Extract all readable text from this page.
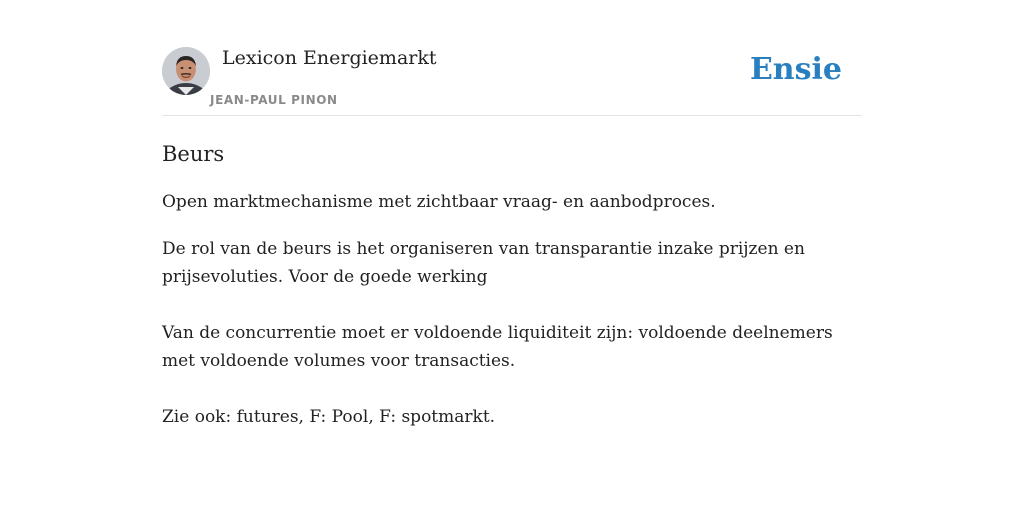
Lexicon Energiemarkt
JEAN-PAUL PINON
Ensie
Beurs

Open marktmechanisme met zichtbaar vraag- en aanbodproces.

De rol van de beurs is het organiseren van transparantie inzake prijzen en prijsevoluties. Voor de goede werking

Van de concurrentie moet er voldoende liquiditeit zijn: voldoende deelnemers met voldoende volumes voor transacties.

Zie ook: futures, F: Pool, F: spotmarkt.
